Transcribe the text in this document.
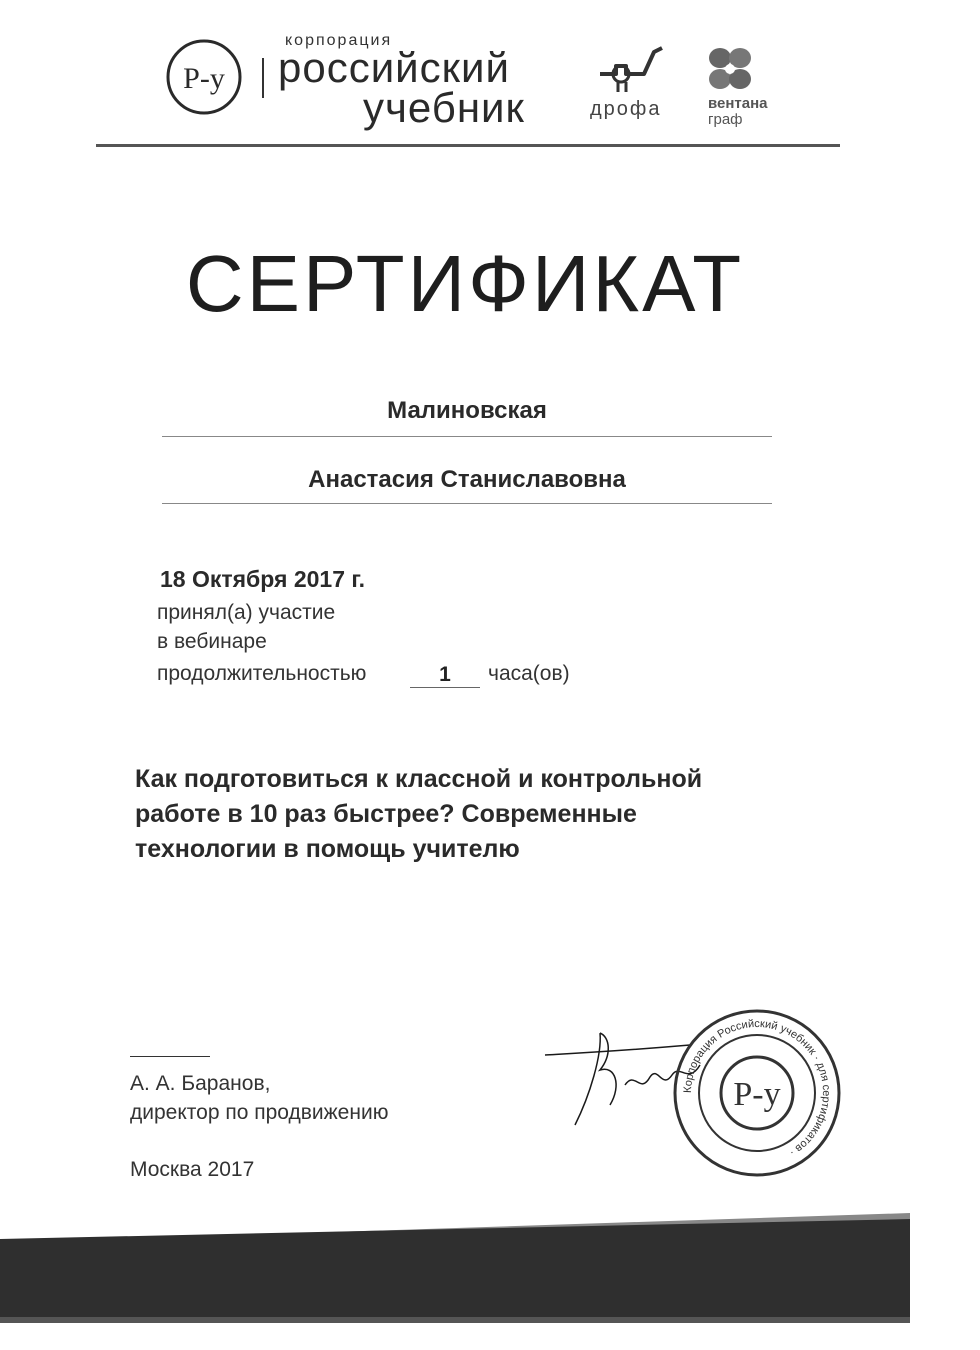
Р-у
корпорация
российский
учебник	дрофа	вентана
граф
СЕРТИФИКАТ
Малиновская
Анастасия Станиславовна
18 Октября 2017 г.
принял(а) участие
в вебинаре
продолжительностью	1	часа(ов)
Как подготовиться к классной и контрольной работе в 10 раз быстрее? Современные технологии в помощь учителю
А. А. Баранов,
директор по продвижению
Москва 2017
Корпорация Российский учебник · для сертификатов ·
Р-у
